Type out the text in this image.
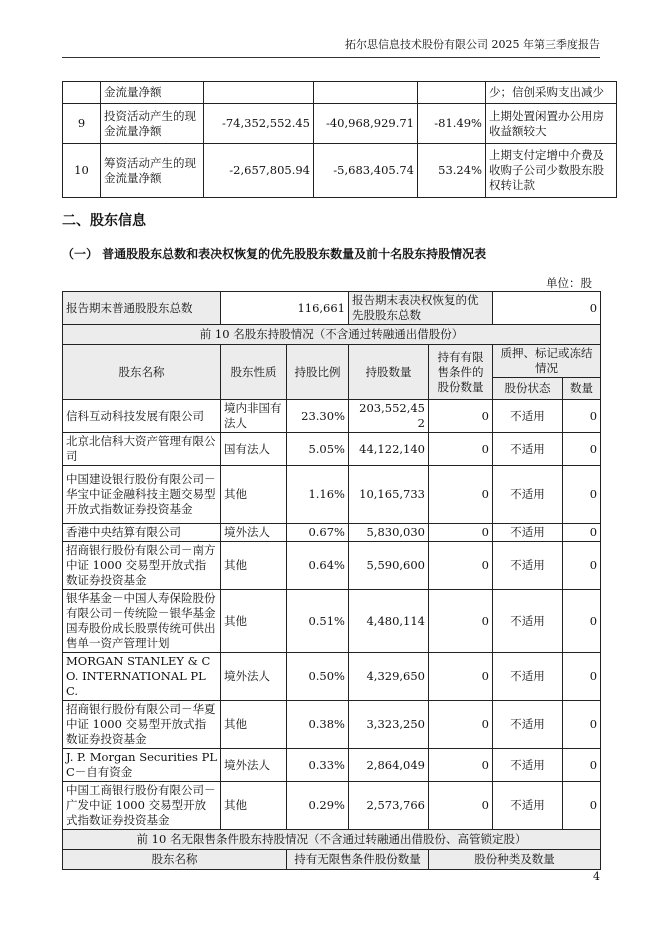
拓尔思信息技术股份有限公司 2025 年第三季度报告
	金流量净额				少；信创采购支出减少
9	投资活动产生的现金流量净额	-74,352,552.45	-40,968,929.71	-81.49%	上期处置闲置办公用房收益额较大
10	筹资活动产生的现金流量净额	-2,657,805.94	-5,683,405.74	53.24%	上期支付定增中介费及收购子公司少数股东股权转让款
二、股东信息
（一） 普通股股东总数和表决权恢复的优先股股东数量及前十名股东持股情况表
单位：股
报告期末普通股股东总数	116,661		报告期末表决权恢复的优先股股东总数		0	
前 10 名股东持股情况（不含通过转融通出借股份）						
股东名称	股东性质	持股比例	持股数量	持有有限售条件的股份数量	质押、标记或冻结情况	
					股份状态	数量
信科互动科技发展有限公司	境内非国有法人	23.30%	203,552,452	0	不适用	0
北京北信科大资产管理有限公司	国有法人	5.05%	44,122,140	0	不适用	0
中国建设银行股份有限公司－华宝中证金融科技主题交易型开放式指数证券投资基金	其他	1.16%	10,165,733	0	不适用	0
香港中央结算有限公司	境外法人	0.67%	5,830,030	0	不适用	0
招商银行股份有限公司－南方中证 1000 交易型开放式指数证券投资基金	其他	0.64%	5,590,600	0	不适用	0
银华基金－中国人寿保险股份有限公司－传统险－银华基金国寿股份成长股票传统可供出售单一资产管理计划	其他	0.51%	4,480,114	0	不适用	0
MORGAN STANLEY & CO. INTERNATIONAL PLC.	境外法人	0.50%	4,329,650	0	不适用	0
招商银行股份有限公司－华夏中证 1000 交易型开放式指数证券投资基金	其他	0.38%	3,323,250	0	不适用	0
J. P. Morgan Securities PLC－自有资金	境外法人	0.33%	2,864,049	0	不适用	0
中国工商银行股份有限公司－广发中证 1000 交易型开放式指数证券投资基金	其他	0.29%	2,573,766	0	不适用	0
前 10 名无限售条件股东持股情况（不含通过转融通出借股份、高管锁定股）						
股东名称		持有无限售条件股份数量		股份种类及数量		
4
